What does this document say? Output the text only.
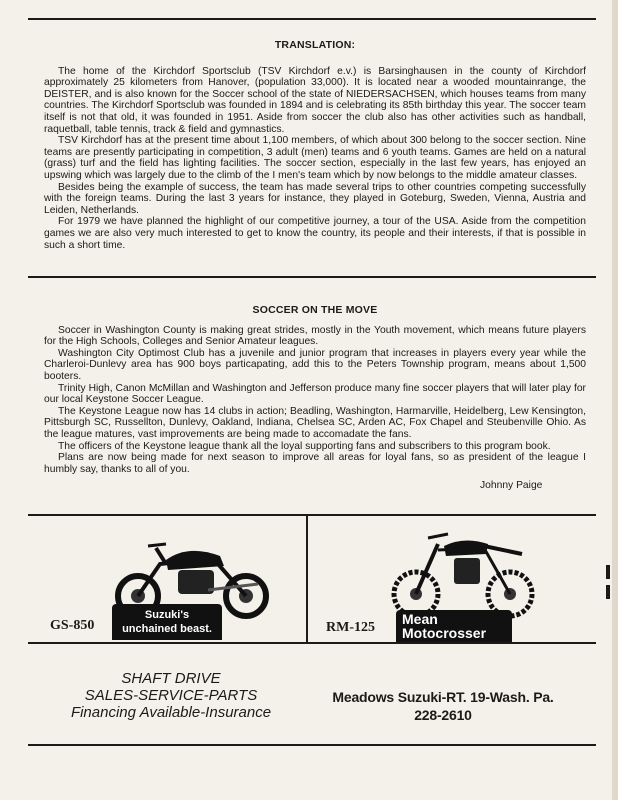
TRANSLATION:

The home of the Kirchdorf Sportsclub (TSV Kirchdorf e.v.) is Barsinghausen in the county of Kirchdorf approximately 25 kilometers from Hanover, (population 33,000). It is located near a wooded mountainrange, the DEISTER, and is also known for the Soccer school of the state of NIEDERSACHSEN, which houses teams from many countries. The Kirchdorf Sportsclub was founded in 1894 and is celebrating its 85th birthday this year. The soccer team itself is not that old, it was founded in 1951. Aside from soccer the club also has other activities such as handball, raquetball, table tennis, track & field and gymnastics.

TSV Kirchdorf has at the present time about 1,100 members, of which about 300 belong to the soccer section. Nine teams are presently participating in competition, 3 adult (men) teams and 6 youth teams. Games are held on a natural (grass) turf and the field has lighting facilities. The soccer section, especially in the last few years, has enjoyed an upswing which was largely due to the climb of the I men's team which by now belongs to the middle amateur classes.

Besides being the example of success, the team has made several trips to other countries competing successfully with the foreign teams. During the last 3 years for instance, they played in Goteburg, Sweden, Vienna, Austria and Leiden, Netherlands.

For 1979 we have planned the highlight of our competitive journey, a tour of the USA. Aside from the competition games we are also very much interested to get to know the country, its people and their interests, if that is possible in such a short time.

SOCCER ON THE MOVE

Soccer in Washington County is making great strides, mostly in the Youth movement, which means future players for the High Schools, Colleges and Senior Amateur leagues.

Washington City Optimost Club has a juvenile and junior program that increases in players every year while the Charleroi-Dunlevy area has 900 boys particapating, add this to the Peters Township program, means about 1,500 booters.

Trinity High, Canon McMillan and Washington and Jefferson produce many fine soccer players that will later play for our local Keystone Soccer League.

The Keystone League now has 14 clubs in action; Beadling, Washington, Harmarville, Heidelberg, Lew Kensington, Pittsburgh SC, Russellton, Dunlevy, Oakland, Indiana, Chelsea SC, Arden AC, Fox Chapel and Steubenville Ohio. As the league matures, vast improvements are being made to accomadate the fans.

The officers of the Keystone league thank all the loyal supporting fans and subscribers to this program book.

Plans are now being made for next season to improve all areas for loyal fans, so as president of the league I humbly say, thanks to all of you.

Johnny Paige
Suzuki's
unchained beast.
GS-850	Mean
Motocrosser
RM-125
SHAFT DRIVE
SALES-SERVICE-PARTS
Financing Available-Insurance
Meadows Suzuki-RT. 19-Wash. Pa.
228-2610
